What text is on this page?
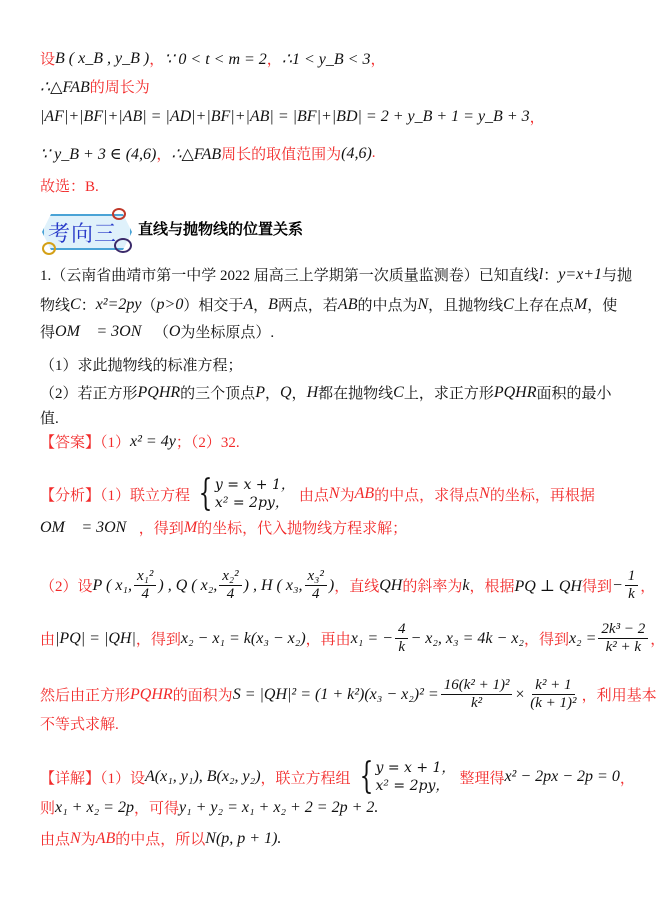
考向三 直线与抛物线的位置关系
设 B ( x_B , y_B ) ， ∵ 0 < t < m = 2 ， ∴1 < y_B < 3 ，
∴△FAB 的周长为
|AF|+|BF|+|AB| = |AD|+|BF|+|AB| = |BF|+|BD| = 2 + y_B + 1 = y_B + 3 ，
∵ y_B + 3 ∈ (4,6) ， ∴△FAB 周长的取值范围为 (4,6) .
故选：B.
1.（云南省曲靖市第一中学 2022 届高三上学期第一次质量监测卷）已知直线 l ： y=x+1 与抛
物线 C ： x²=2py （ p>0 ）相交于 A ， B 两点，若 AB 的中点为 N ，且抛物线 C 上存在点 M ，使
得 OM⃗ = 3ON⃗ （ O 为坐标原点）.
（1）求此抛物线的标准方程；
（2）若正方形 PQHR 的三个顶点 P ， Q ， H 都在抛物线 C 上，求正方形 PQHR 面积的最小
值.
【答案】（1） x² = 4y ；（2）32.
【分析】（1）联立方程 { y = x + 1，
x² = 2py， 由点 N 为 AB 的中点，求得点 N 的坐标，再根据
OM⃗ = 3ON⃗ ，得到 M 的坐标，代入抛物线方程求解；
（2）设 P ( x₁, $\frac{\text{x₁²}}{4}$ ) , Q ( x₂, $\frac{\text{x₂²}}{4}$ ) , H ( x₃, $\frac{\text{x₃²}}{4}$ ) ，直线 QH 的斜率为 k ，根据 PQ ⊥ QH 得到 − $\frac{1}{k}$ ，
由 |PQ| = |QH| ，得到 x₂ − x₁ = k(x₃ − x₂) ，再由 x₁ = − $\frac{4}{k} - x_2$, x₃ = 4k − x₂ ，得到 $x_2 = \frac{\text{2k³ − 2}}{\text{k² + k}}$ ，
然后由正方形 PQHR 的面积为 $S = |QH|^2 = (1 + k^2)(x_3 - x_2)^2 = \frac{\text{16(k² + 1)²}}{\text{k²}} \times \frac{\text{k² + 1}}{\text{(k + 1)²}}$ ，利用基本
不等式求解.
【详解】（1）设 A(x₁, y₁), B(x₂, y₂) ，联立方程组 { y = x + 1，
x² = 2py， 整理得 x² − 2px − 2p = 0 ，
则 x₁ + x₂ = 2p ，可得 y₁ + y₂ = x₁ + x₂ + 2 = 2p + 2.
由点 N 为 AB 的中点，所以 N(p, p + 1).
